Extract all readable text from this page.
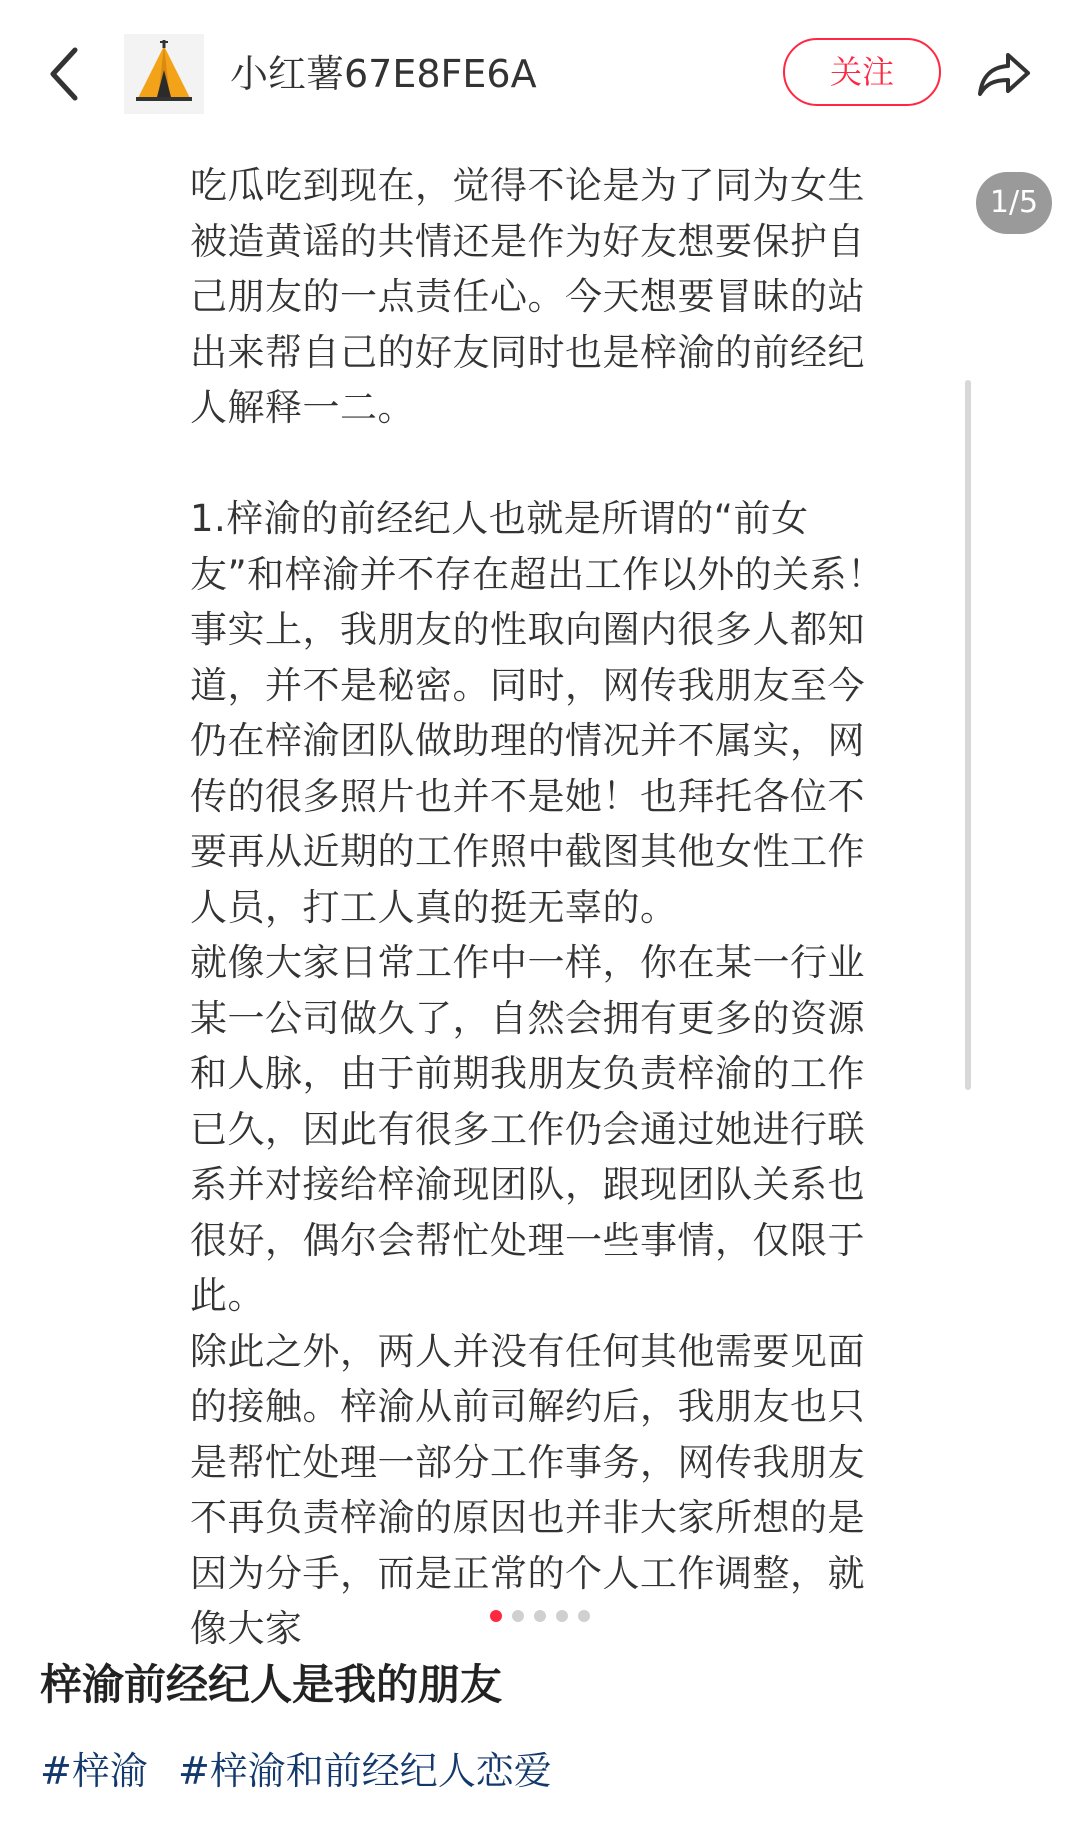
小红薯67E8FE6A	关注

吃瓜吃到现在，觉得不论是为了同为女生被造黄谣的共情还是作为好友想要保护自己朋友的一点责任心。今天想要冒昧的站出来帮自己的好友同时也是梓渝的前经纪人解释一二。

1.梓渝的前经纪人也就是所谓的“前女友”和梓渝并不存在超出工作以外的关系！事实上，我朋友的性取向圈内很多人都知道，并不是秘密。同时，网传我朋友至今仍在梓渝团队做助理的情况并不属实，网传的很多照片也并不是她！也拜托各位不要再从近期的工作照中截图其他女性工作人员，打工人真的挺无辜的。

就像大家日常工作中一样，你在某一行业某一公司做久了，自然会拥有更多的资源和人脉，由于前期我朋友负责梓渝的工作已久，因此有很多工作仍会通过她进行联系并对接给梓渝现团队，跟现团队关系也很好，偶尔会帮忙处理一些事情，仅限于此。

除此之外，两人并没有任何其他需要见面的接触。梓渝从前司解约后，我朋友也只是帮忙处理一部分工作事务，网传我朋友不再负责梓渝的原因也并非大家所想的是因为分手，而是正常的个人工作调整，就像大家

1/5
梓渝前经纪人是我的朋友
#梓渝 #梓渝和前经纪人恋爱
